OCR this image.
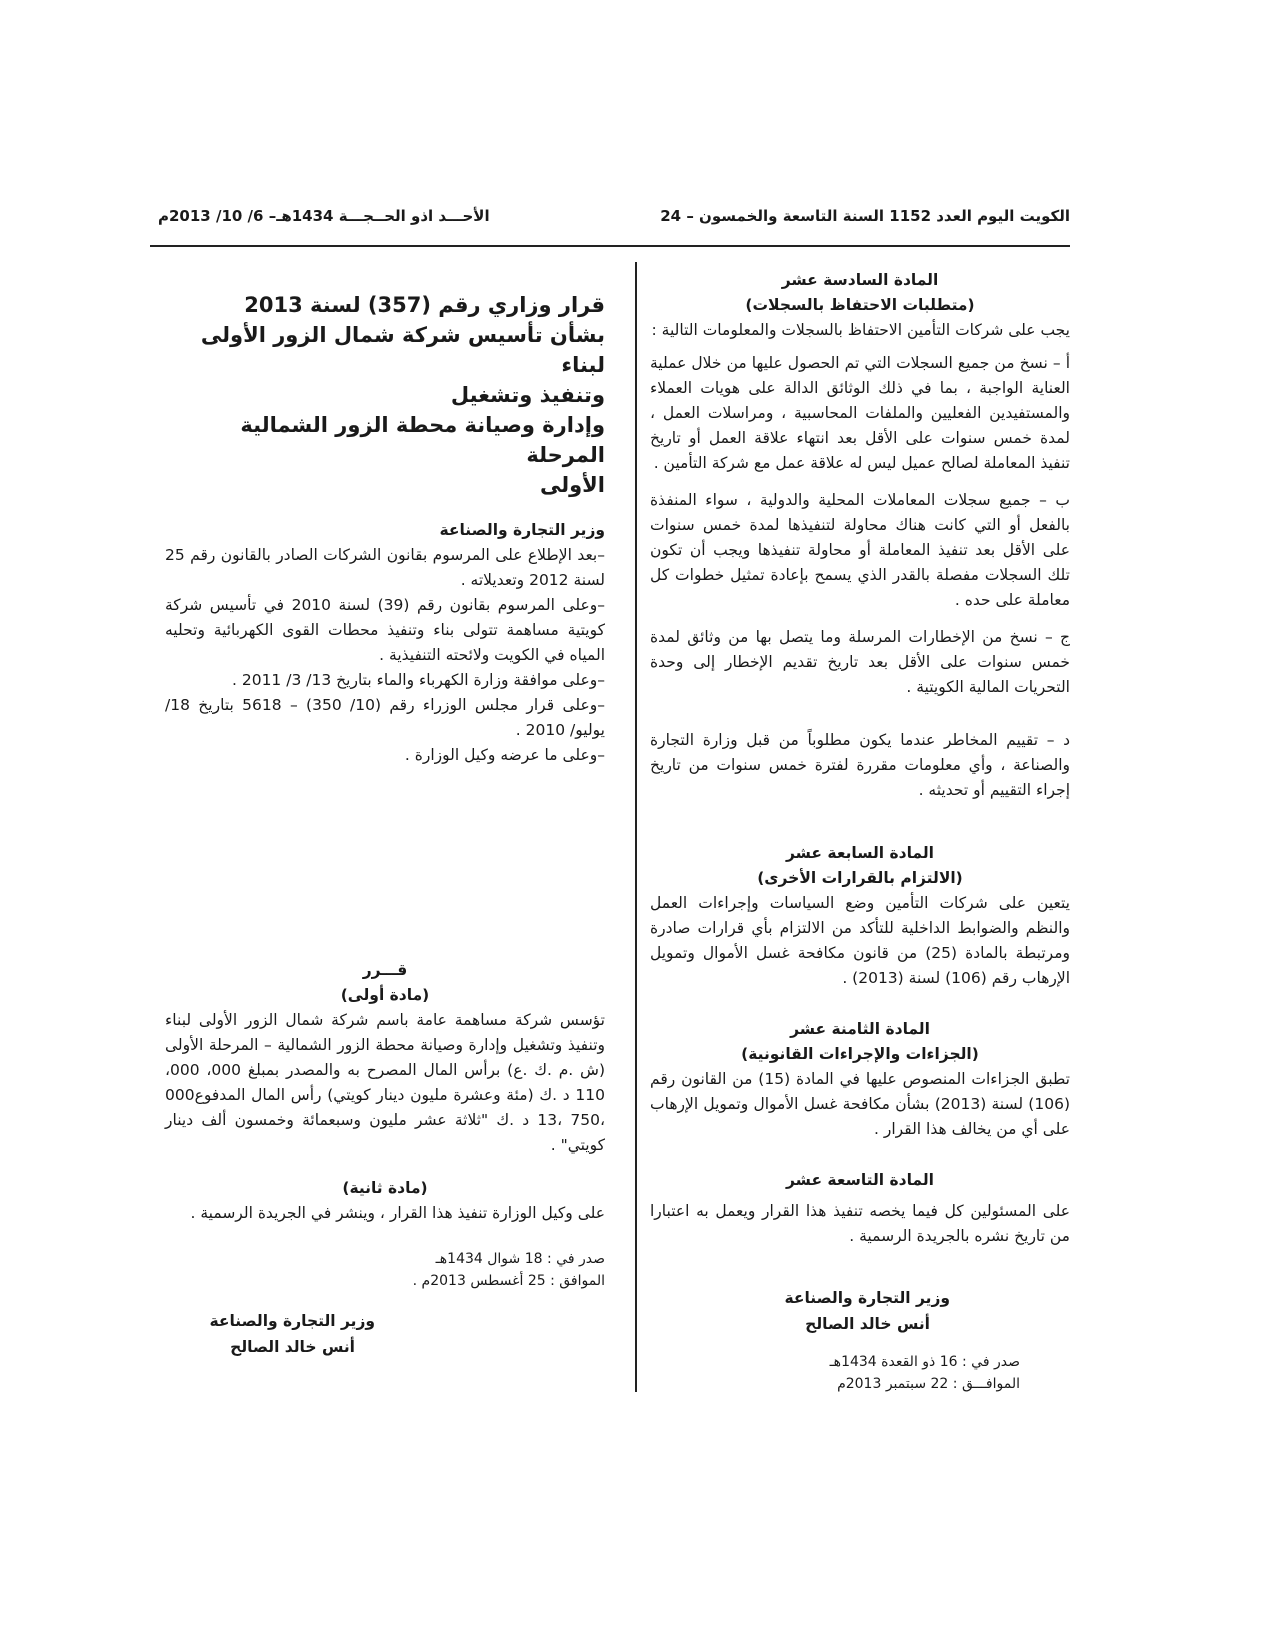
الكويت اليوم العدد 1152 السنة التاسعة والخمسون – 24
الأحـــد اذو الحــجـــة 1434هـ– 6/ 10/ 2013م
المادة السادسة عشر
(متطلبات الاحتفاظ بالسجلات)

يجب على شركات التأمين الاحتفاظ بالسجلات والمعلومات التالية :

أ – نسخ من جميع السجلات التي تم الحصول عليها من خلال عملية العناية الواجبة ، بما في ذلك الوثائق الدالة على هويات العملاء والمستفيدين الفعليين والملفات المحاسبية ، ومراسلات العمل ، لمدة خمس سنوات على الأقل بعد انتهاء علاقة العمل أو تاريخ تنفيذ المعاملة لصالح عميل ليس له علاقة عمل مع شركة التأمين .

ب – جميع سجلات المعاملات المحلية والدولية ، سواء المنفذة بالفعل أو التي كانت هناك محاولة لتنفيذها لمدة خمس سنوات على الأقل بعد تنفيذ المعاملة أو محاولة تنفيذها ويجب أن تكون تلك السجلات مفصلة بالقدر الذي يسمح بإعادة تمثيل خطوات كل معاملة على حده .

ج – نسخ من الإخطارات المرسلة وما يتصل بها من وثائق لمدة خمس سنوات على الأقل بعد تاريخ تقديم الإخطار إلى وحدة التحريات المالية الكويتية .

د – تقييم المخاطر عندما يكون مطلوباً من قبل وزارة التجارة والصناعة ، وأي معلومات مقررة لفترة خمس سنوات من تاريخ إجراء التقييم أو تحديثه .

المادة السابعة عشر
(الالتزام بالقرارات الأخرى)

يتعين على شركات التأمين وضع السياسات وإجراءات العمل والنظم والضوابط الداخلية للتأكد من الالتزام بأي قرارات صادرة ومرتبطة بالمادة (25) من قانون مكافحة غسل الأموال وتمويل الإرهاب رقم (106) لسنة (2013) .

المادة الثامنة عشر
(الجزاءات والإجراءات القانونية)

تطبق الجزاءات المنصوص عليها في المادة (15) من القانون رقم (106) لسنة (2013) بشأن مكافحة غسل الأموال وتمويل الإرهاب على أي من يخالف هذا القرار .

المادة التاسعة عشر

على المسئولين كل فيما يخصه تنفيذ هذا القرار ويعمل به اعتبارا من تاريخ نشره بالجريدة الرسمية .

وزير التجارة والصناعة
أنس خالد الصالح
صدر في : 16 ذو القعدة 1434هـ
الموافـــق : 22 سبتمبر 2013م
قرار وزاري رقم (357) لسنة 2013
بشأن تأسيس شركة شمال الزور الأولى لبناء
وتنفيذ وتشغيل
وإدارة وصيانة محطة الزور الشمالية المرحلة
الأولى
وزير التجارة والصناعة

–بعد الإطلاع على المرسوم بقانون الشركات الصادر بالقانون رقم 25 لسنة 2012 وتعديلاته .

–وعلى المرسوم بقانون رقم (39) لسنة 2010 في تأسيس شركة كويتية مساهمة تتولى بناء وتنفيذ محطات القوى الكهربائية وتحليه المياه في الكويت ولائحته التنفيذية .

–وعلى موافقة وزارة الكهرباء والماء بتاريخ 13/ 3/ 2011 .

–وعلى قرار مجلس الوزراء رقم (10/ 350) – 5618 بتاريخ 18/ يوليو/ 2010 .

–وعلى ما عرضه وكيل الوزارة .

قـــرر
(مادة أولى)

تؤسس شركة مساهمة عامة باسم شركة شمال الزور الأولى لبناء وتنفيذ وتشغيل وإدارة وصيانة محطة الزور الشمالية – المرحلة الأولى (ش .م .ك .ع) برأس المال المصرح به والمصدر بمبلغ 000، 000، 110 د .ك (مئة وعشرة مليون دينار كويتي) رأس المال المدفوع000 ،750 ،13 د .ك "ثلاثة عشر مليون وسبعمائة وخمسون ألف دينار كويتي" .

(مادة ثانية)

على وكيل الوزارة تنفيذ هذا القرار ، وينشر في الجريدة الرسمية .

صدر في : 18 شوال 1434هـ
الموافق : 25 أغسطس 2013م .
وزير التجارة والصناعة
أنس خالد الصالح
